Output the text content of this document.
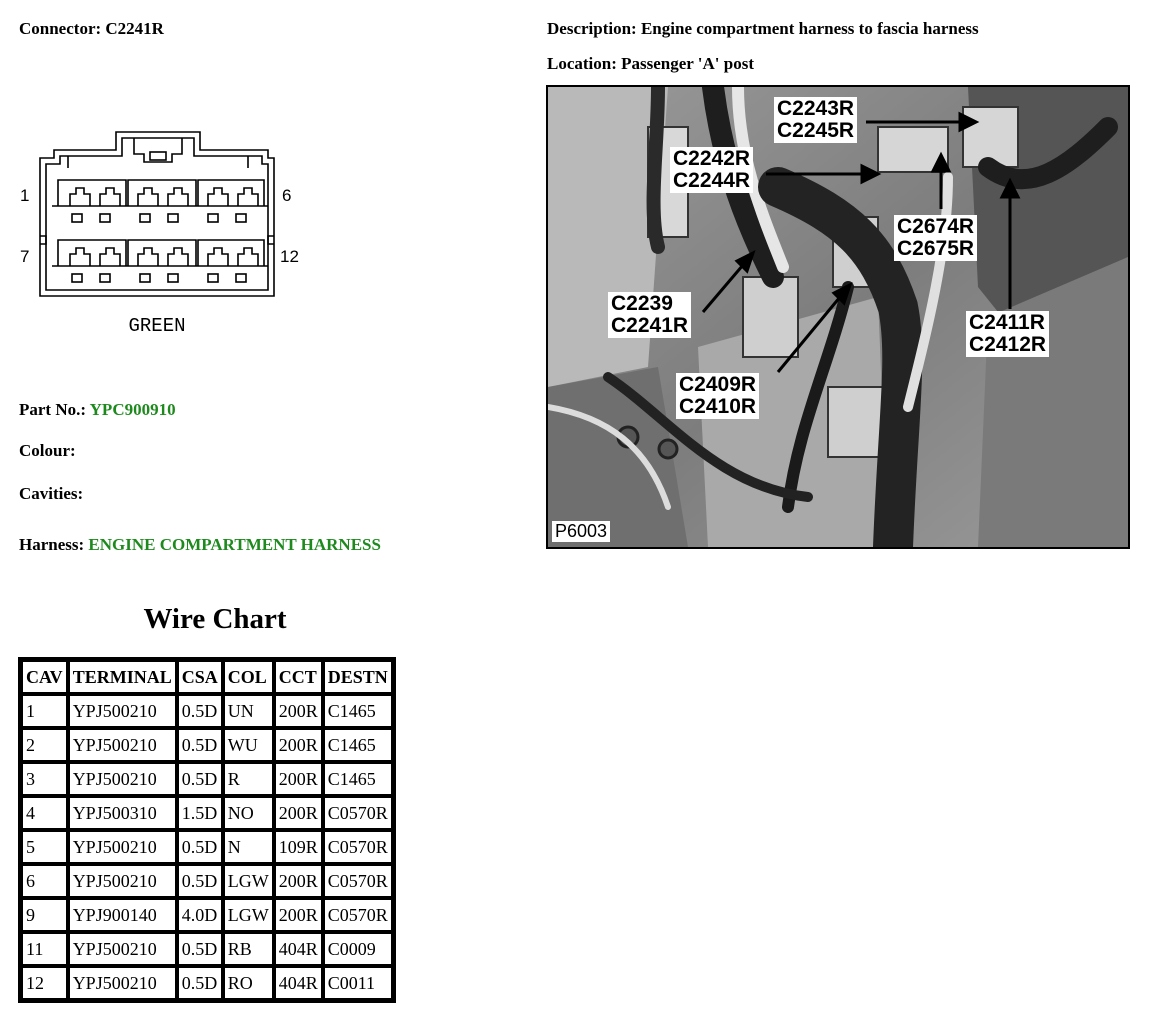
Connector: C2241R	Description: Engine compartment harness to fascia harness
Location: Passenger 'A' post
1	6
7	12
GREEN
Part No.: YPC900910
Colour:
Cavities:
Harness: ENGINE COMPARTMENT HARNESS
C2243R
C2245R
C2242R
C2244R
C2674R
C2675R
C2239
C2241R	C2411R
C2412R
C2409R
C2410R
P6003
Wire Chart
CAV	TERMINAL	CSA	COL	CCT	DESTN
1	YPJ500210	0.5D	UN	200R	C1465
2	YPJ500210	0.5D	WU	200R	C1465
3	YPJ500210	0.5D	R	200R	C1465
4	YPJ500310	1.5D	NO	200R	C0570R
5	YPJ500210	0.5D	N	109R	C0570R
6	YPJ500210	0.5D	LGW	200R	C0570R
9	YPJ900140	4.0D	LGW	200R	C0570R
11	YPJ500210	0.5D	RB	404R	C0009
12	YPJ500210	0.5D	RO	404R	C0011
